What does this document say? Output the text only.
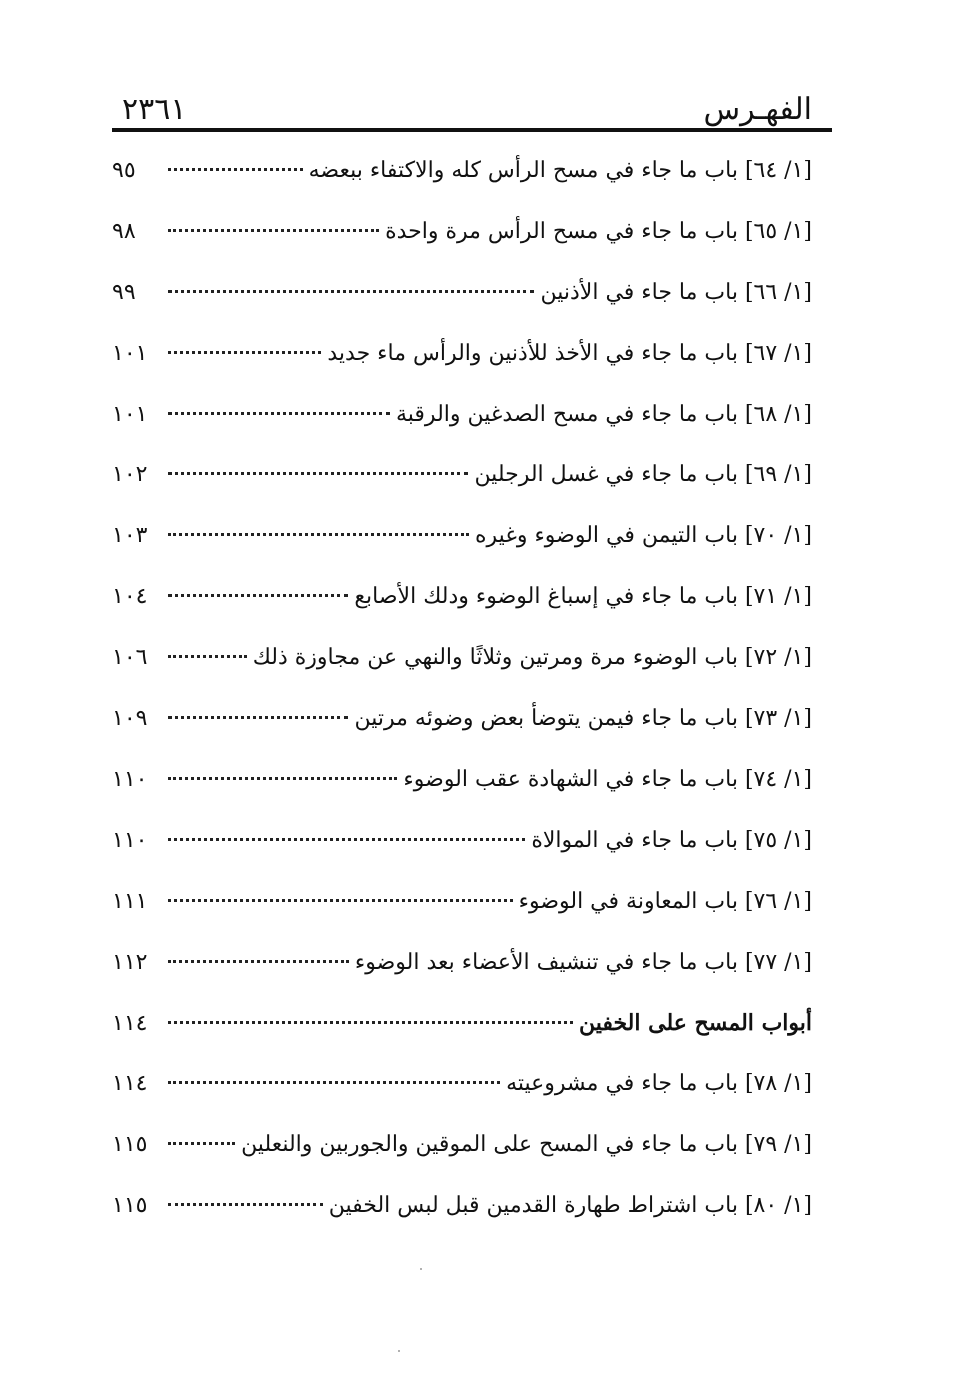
الفهـرس
٢٣٦١
[١/ ٦٤] باب ما جاء في مسح الرأس كله والاكتفاء ببعضه
٩٥
[١/ ٦٥] باب ما جاء في مسح الرأس مرة واحدة
٩٨
[١/ ٦٦] باب ما جاء في الأذنين
٩٩
[١/ ٦٧] باب ما جاء في الأخذ للأذنين والرأس ماء جديد
١٠١
[١/ ٦٨] باب ما جاء في مسح الصدغين والرقبة
١٠١
[١/ ٦٩] باب ما جاء في غسل الرجلين
١٠٢
[١/ ٧٠] باب التيمن في الوضوء وغيره
١٠٣
[١/ ٧١] باب ما جاء في إسباغ الوضوء ودلك الأصابع
١٠٤
[١/ ٧٢] باب الوضوء مرة ومرتين وثلاثًا والنهي عن مجاوزة ذلك
١٠٦
[١/ ٧٣] باب ما جاء فيمن يتوضأ بعض وضوئه مرتين
١٠٩
[١/ ٧٤] باب ما جاء في الشهادة عقب الوضوء
١١٠
[١/ ٧٥] باب ما جاء في الموالاة
١١٠
[١/ ٧٦] باب المعاونة في الوضوء
١١١
[١/ ٧٧] باب ما جاء في تنشيف الأعضاء بعد الوضوء
١١٢
أبواب المسح على الخفين
١١٤
[١/ ٧٨] باب ما جاء في مشروعيته
١١٤
[١/ ٧٩] باب ما جاء في المسح على الموقين والجوربين والنعلين
١١٥
[١/ ٨٠] باب اشتراط طهارة القدمين قبل لبس الخفين
١١٥
